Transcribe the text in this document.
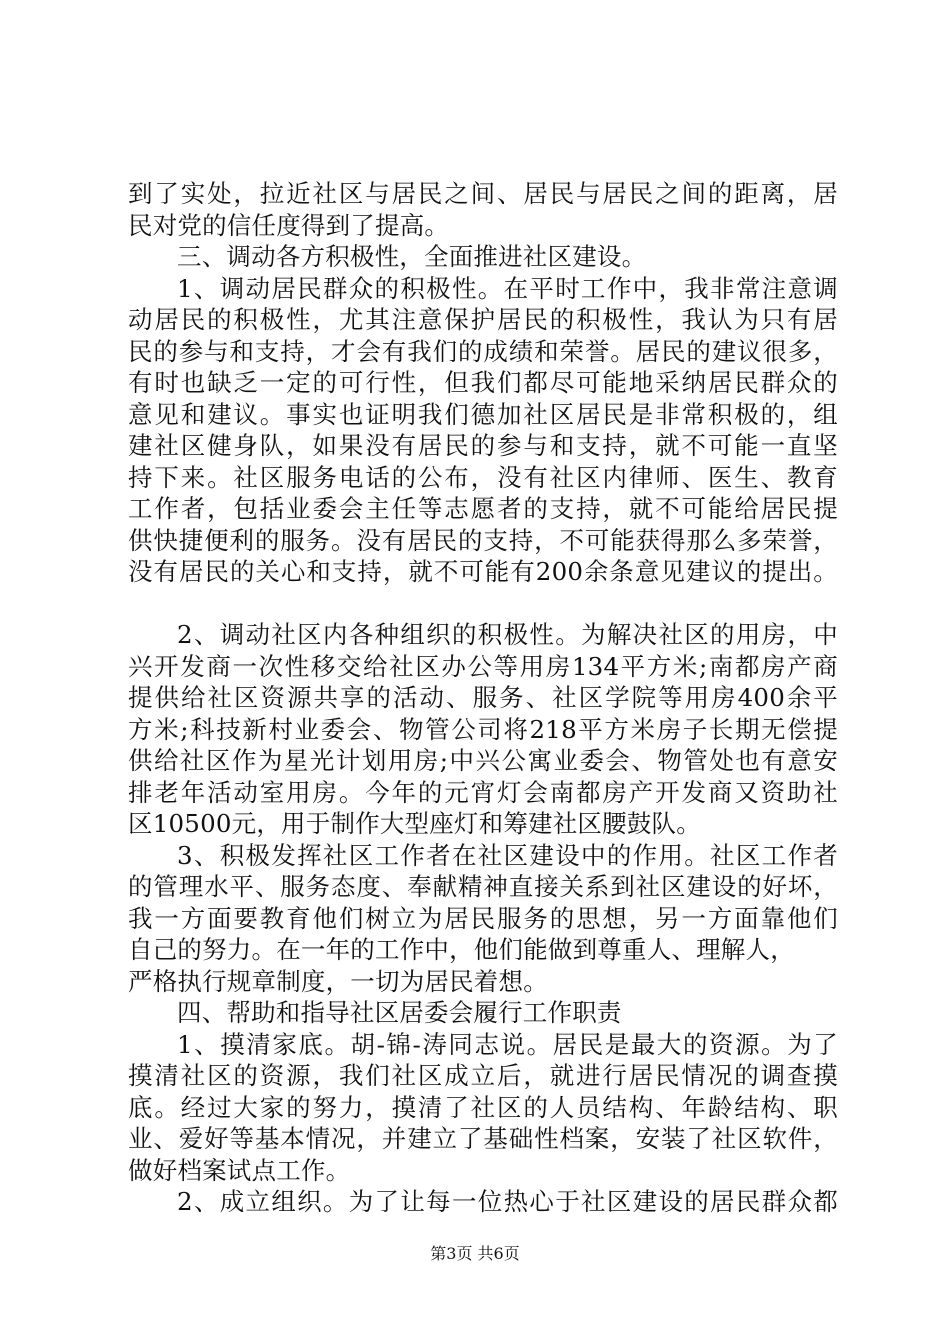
到了实处，拉近社区与居民之间、居民与居民之间的距离，居
民对党的信任度得到了提高。
三、调动各方积极性，全面推进社区建设。
1、调动居民群众的积极性。在平时工作中，我非常注意调
动居民的积极性，尤其注意保护居民的积极性，我认为只有居
民的参与和支持，才会有我们的成绩和荣誉。居民的建议很多，
有时也缺乏一定的可行性，但我们都尽可能地采纳居民群众的
意见和建议。事实也证明我们德加社区居民是非常积极的，组
建社区健身队，如果没有居民的参与和支持，就不可能一直坚
持下来。社区服务电话的公布，没有社区内律师、医生、教育
工作者，包括业委会主任等志愿者的支持，就不可能给居民提
供快捷便利的服务。没有居民的支持，不可能获得那么多荣誉，
没有居民的关心和支持，就不可能有200余条意见建议的提出。
2、调动社区内各种组织的积极性。为解决社区的用房，中
兴开发商一次性移交给社区办公等用房134平方米;南都房产商
提供给社区资源共享的活动、服务、社区学院等用房400余平
方米;科技新村业委会、物管公司将218平方米房子长期无偿提
供给社区作为星光计划用房;中兴公寓业委会、物管处也有意安
排老年活动室用房。今年的元宵灯会南都房产开发商又资助社
区10500元，用于制作大型座灯和筹建社区腰鼓队。
3、积极发挥社区工作者在社区建设中的作用。社区工作者
的管理水平、服务态度、奉献精神直接关系到社区建设的好坏，
我一方面要教育他们树立为居民服务的思想，另一方面靠他们
自己的努力。在一年的工作中，他们能做到尊重人、理解人，
严格执行规章制度，一切为居民着想。
四、帮助和指导社区居委会履行工作职责
1、摸清家底。胡-锦-涛同志说。居民是最大的资源。为了
摸清社区的资源，我们社区成立后，就进行居民情况的调查摸
底。经过大家的努力，摸清了社区的人员结构、年龄结构、职
业、爱好等基本情况，并建立了基础性档案，安装了社区软件，
做好档案试点工作。
2、成立组织。为了让每一位热心于社区建设的居民群众都
第3页 共6页
